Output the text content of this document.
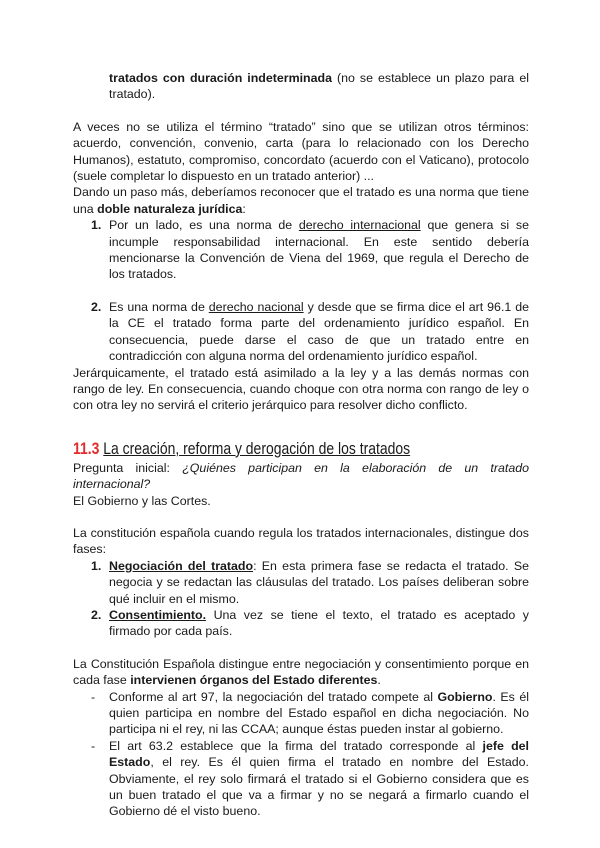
tratados con duración indeterminada (no se establece un plazo para el tratado).

A veces no se utiliza el término “tratado” sino que se utilizan otros términos: acuerdo, convención, convenio, carta (para lo relacionado con los Derecho Humanos), estatuto, compromiso, concordato (acuerdo con el Vaticano), protocolo (suele completar lo dispuesto en un tratado anterior) ...

Dando un paso más, deberíamos reconocer que el tratado es una norma que tiene una doble naturaleza jurídica:

1. Por un lado, es una norma de derecho internacional que genera si se incumple responsabilidad internacional. En este sentido debería mencionarse la Convención de Viena del 1969, que regula el Derecho de los tratados.
2. Es una norma de derecho nacional y desde que se firma dice el art 96.1 de la CE el tratado forma parte del ordenamiento jurídico español. En consecuencia, puede darse el caso de que un tratado entre en contradicción con alguna norma del ordenamiento jurídico español.

Jerárquicamente, el tratado está asimilado a la ley y a las demás normas con rango de ley. En consecuencia, cuando choque con otra norma con rango de ley o con otra ley no servirá el criterio jerárquico para resolver dicho conflicto.

11.3 La creación, reforma y derogación de los tratados

Pregunta inicial: ¿Quiénes participan en la elaboración de un tratado internacional?

El Gobierno y las Cortes.

La constitución española cuando regula los tratados internacionales, distingue dos fases:

1. Negociación del tratado: En esta primera fase se redacta el tratado. Se negocia y se redactan las cláusulas del tratado. Los países deliberan sobre qué incluir en el mismo.
2. Consentimiento. Una vez se tiene el texto, el tratado es aceptado y firmado por cada país.

La Constitución Española distingue entre negociación y consentimiento porque en cada fase intervienen órganos del Estado diferentes.

- Conforme al art 97, la negociación del tratado compete al Gobierno. Es él quien participa en nombre del Estado español en dicha negociación. No participa ni el rey, ni las CCAA; aunque éstas pueden instar al gobierno.
- El art 63.2 establece que la firma del tratado corresponde al jefe del Estado, el rey. Es él quien firma el tratado en nombre del Estado. Obviamente, el rey solo firmará el tratado si el Gobierno considera que es un buen tratado el que va a firmar y no se negará a firmarlo cuando el Gobierno dé el visto bueno.
